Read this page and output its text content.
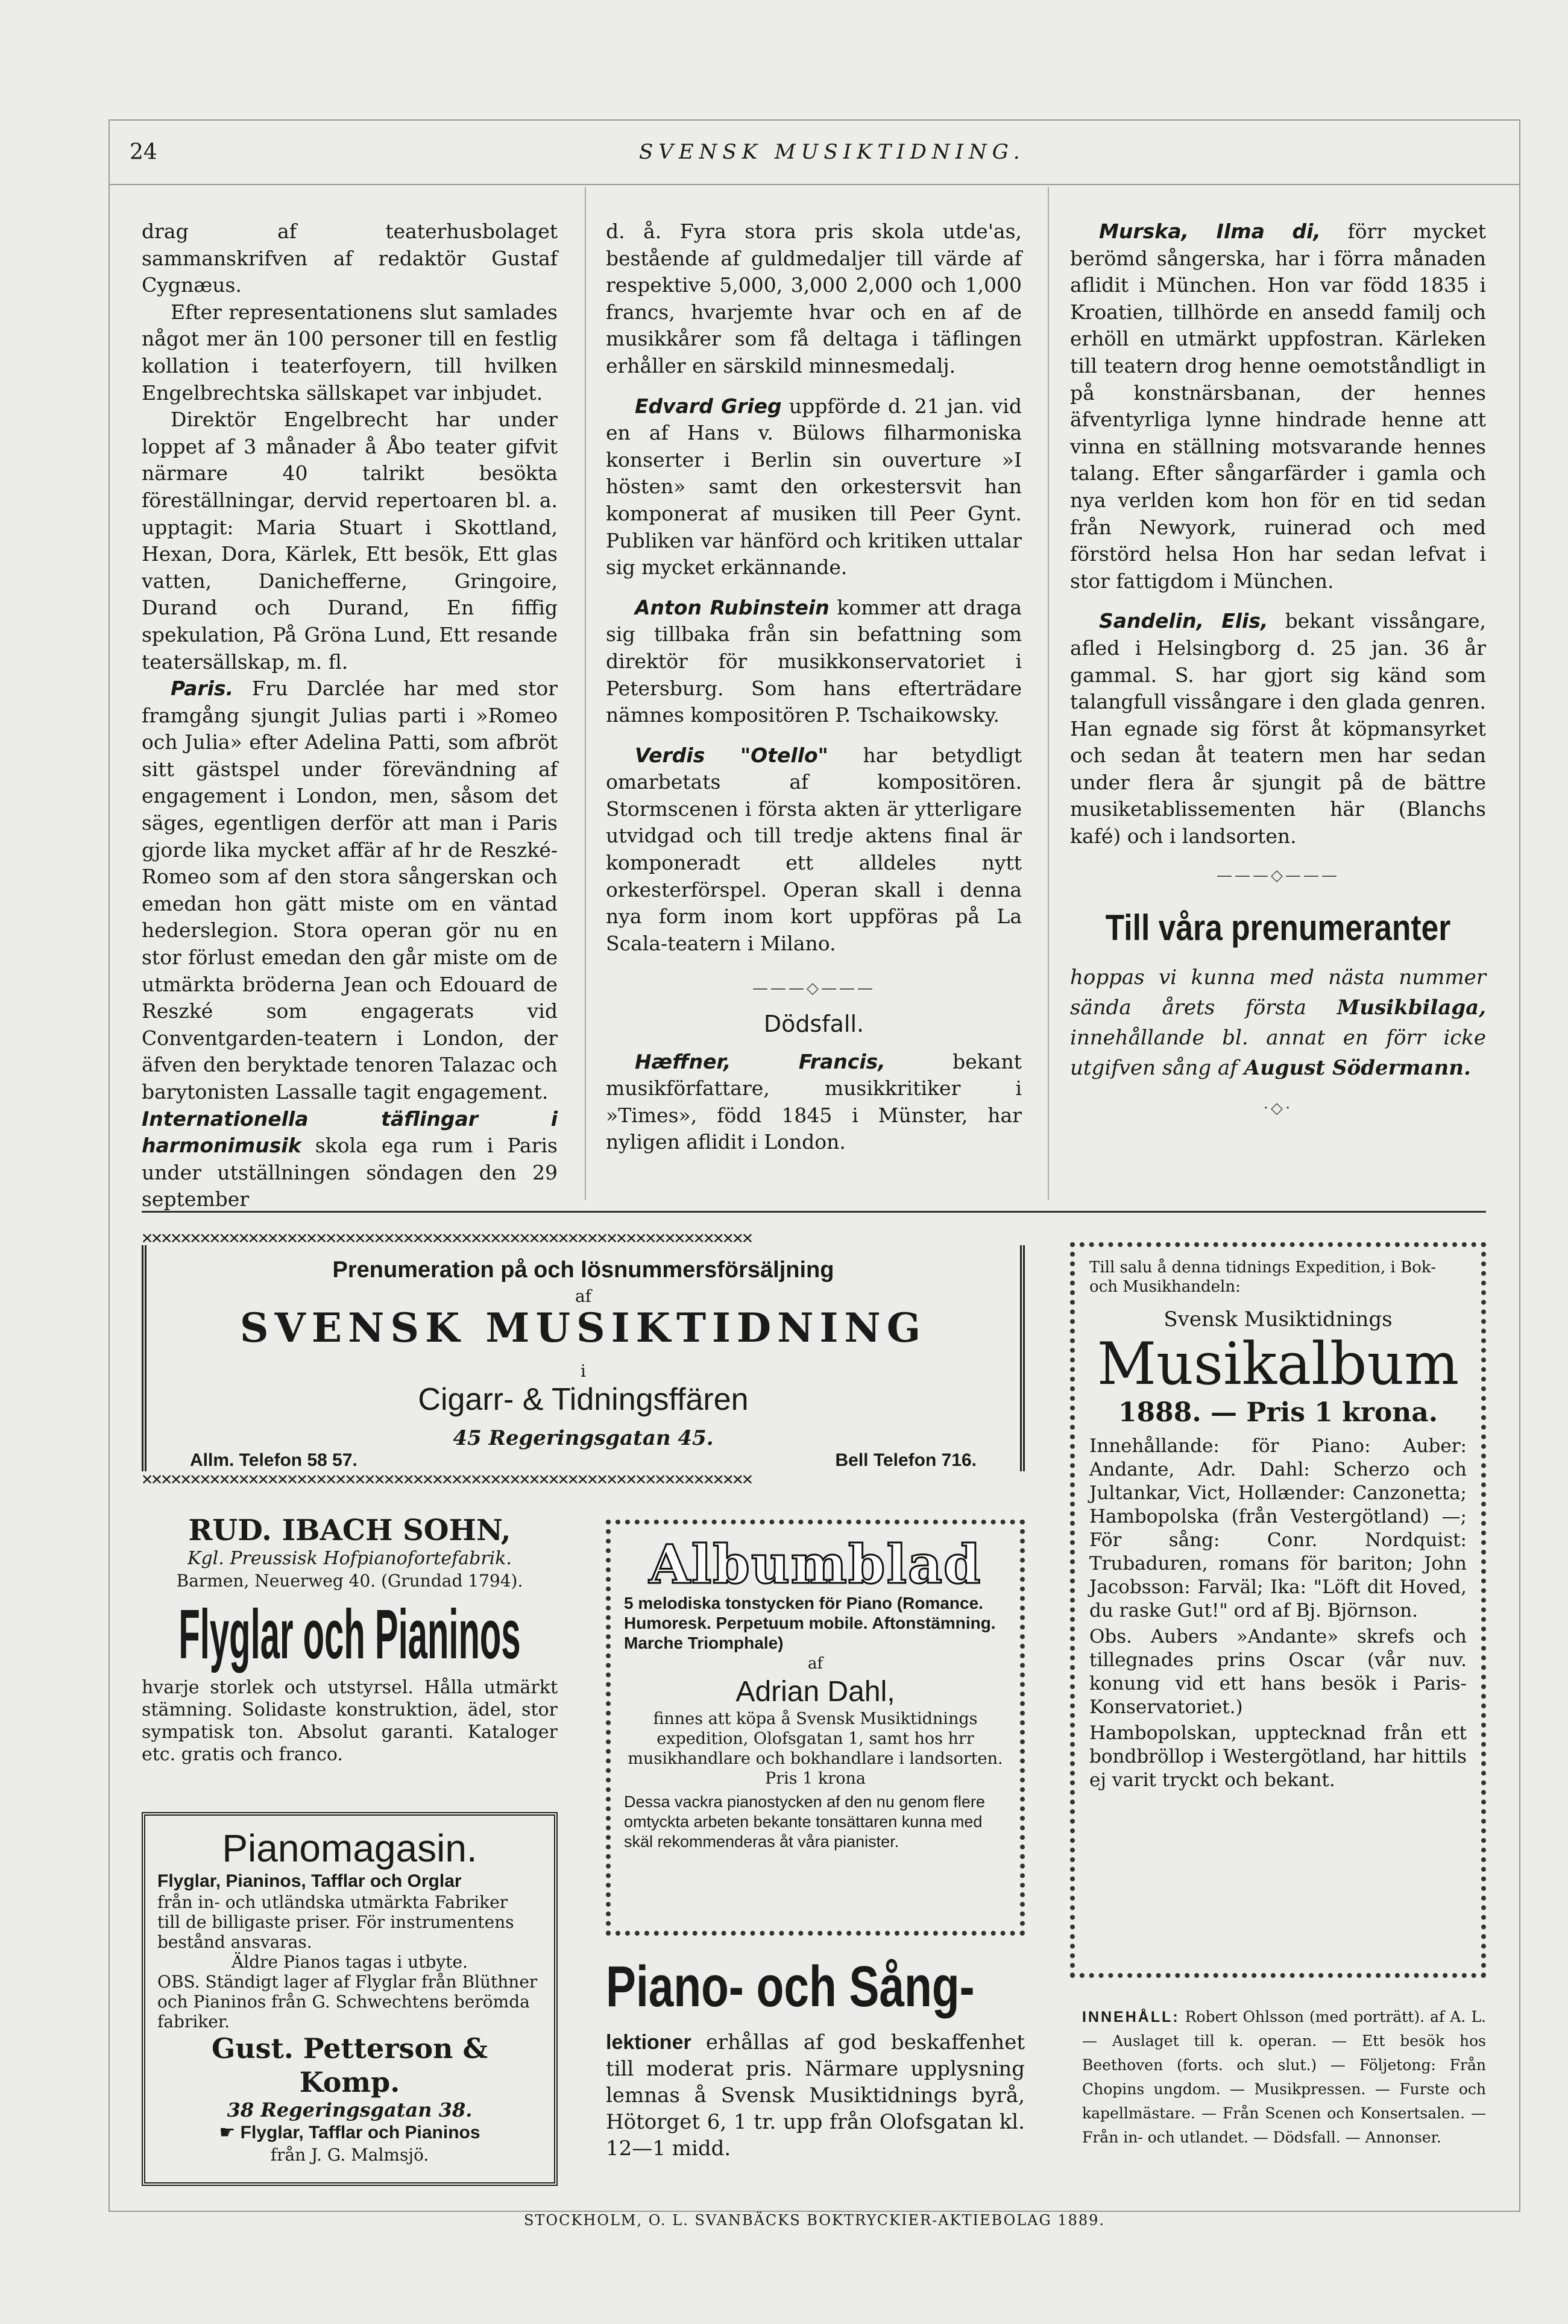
24	SVENSK MUSIKTIDNING.

drag af teaterhusbolaget sammanskrifven af redaktör Gustaf Cygnæus.

Efter representationens slut samlades något mer än 100 personer till en festlig kollation i teaterfoyern, till hvilken Engelbrechtska sällskapet var inbjudet.

Direktör Engelbrecht har under loppet af 3 månader å Åbo teater gifvit närmare 40 talrikt besökta föreställningar, dervid repertoaren bl. a. upptagit: Maria Stuart i Skottland, Hexan, Dora, Kärlek, Ett besök, Ett glas vatten, Danichefferne, Gringoire, Durand och Durand, En fiffig spekulation, På Gröna Lund, Ett resande teatersällskap, m. fl.

Paris. Fru Darclée har med stor framgång sjungit Julias parti i »Romeo och Julia» efter Adelina Patti, som afbröt sitt gästspel under förevändning af engagement i London, men, såsom det säges, egentligen derför att man i Paris gjorde lika mycket affär af hr de Reszké-Romeo som af den stora sångerskan och emedan hon gätt miste om en väntad hederslegion. Stora operan gör nu en stor förlust emedan den går miste om de utmärkta bröderna Jean och Edouard de Reszké som engagerats vid Conventgarden-teatern i London, der äfven den beryktade tenoren Talazac och barytonisten Lassalle tagit engagement.

Internationella täflingar i harmonimusik skola ega rum i Paris under utställningen söndagen den 29 september

d. å. Fyra stora pris skola utde'as, bestående af guldmedaljer till värde af respektive 5,000, 3,000 2,000 och 1,000 francs, hvarjemte hvar och en af de musikkårer som få deltaga i täflingen erhåller en särskild minnesmedalj.

Edvard Grieg uppförde d. 21 jan. vid en af Hans v. Bülows filharmoniska konserter i Berlin sin ouverture »I hösten» samt den orkestersvit han komponerat af musiken till Peer Gynt. Publiken var hänförd och kritiken uttalar sig mycket erkännande.

Anton Rubinstein kommer att draga sig tillbaka från sin befattning som direktör för musikkonservatoriet i Petersburg. Som hans efterträdare nämnes kompositören P. Tschaikowsky.

Verdis "Otello" har betydligt omarbetats af kompositören. Stormscenen i första akten är ytterligare utvidgad och till tredje aktens final är komponeradt ett alldeles nytt orkesterförspel. Operan skall i denna nya form inom kort uppföras på La Scala-teatern i Milano.

———◇———
Dödsfall.

Hæffner, Francis,	bekant musikförfattare, musikkritiker i »Times», född 1845 i Münster, har nyligen aflidit i London.

Murska, Ilma di, förr mycket berömd sångerska, har i förra månaden aflidit i München. Hon var född 1835 i Kroatien, tillhörde en ansedd familj och erhöll en utmärkt uppfostran. Kärleken till teatern drog henne oemotståndligt in på konstnärsbanan, der hennes äfventyrliga lynne hindrade henne att vinna en ställning motsvarande hennes talang. Efter sångarfärder i gamla och nya verlden kom hon för en tid sedan från Newyork, ruinerad och med förstörd helsa Hon har sedan lefvat i stor fattigdom i München.

Sandelin, Elis, bekant vissångare, afled i Helsingborg d. 25 jan. 36 år gammal. S. har gjort sig känd som talangfull vissångare i den glada genren. Han egnade sig först åt köpmansyrket och sedan åt teatern men har sedan under flera år sjungit på de bättre musiketablissementen här (Blanchs kafé) och i landsorten.

———◇———
Till våra prenumeranter

hoppas vi kunna med nästa nummer sända årets första Musikbilaga, innehållande bl. annat en förr icke utgifven sång af August Södermann.

·◇·
✕✕✕✕✕✕✕✕✕✕✕✕✕✕✕✕✕✕✕✕✕✕✕✕✕✕✕✕✕✕✕✕✕✕✕✕✕✕✕✕✕✕✕✕✕✕✕✕✕✕✕✕✕✕✕✕✕✕✕✕✕✕✕
✕✕✕✕✕✕✕✕✕✕✕✕✕✕✕✕✕✕✕✕✕✕✕✕✕✕✕✕✕✕✕✕✕✕✕✕✕✕✕✕✕✕✕✕✕✕✕✕✕✕✕✕✕✕✕✕✕✕✕✕✕✕✕
Prenumeration på och lösnummersförsäljning
af
SVENSK MUSIKTIDNING
i
Cigarr- & Tidningsffären
45 Regeringsgatan 45.
Allm. Telefon 58 57.	Bell Telefon 716.
RUD. IBACH SOHN,
Kgl. Preussisk Hofpianofortefabrik.
Barmen, Neuerweg 40. (Grundad 1794).
Flyglar och Pianinos
hvarje storlek och utstyrsel. Hålla utmärkt stämning. Solidaste konstruktion, ädel, stor sympatisk ton. Absolut garanti. Kataloger etc. gratis och franco.
Pianomagasin.
Flyglar, Pianinos, Tafflar och Orglar
från in- och utländska utmärkta Fabriker
till de billigaste priser. För instrumentens bestånd ansvaras.
Äldre Pianos tagas i utbyte.
OBS. Ständigt lager af Flyglar från Blüthner och Pianinos från G. Schwechtens berömda fabriker.
Gust. Petterson & Komp.
38 Regeringsgatan 38.
☛ Flyglar, Tafflar och Pianinos
från J. G. Malmsjö.
Albumblad
5 melodiska tonstycken för Piano (Romance. Humoresk. Perpetuum mobile. Aftonstämning. Marche Triomphale)
af
Adrian Dahl,
finnes att köpa å Svensk Musiktidnings expedition, Olofsgatan 1, samt hos hrr musikhandlare och bokhandlare i landsorten. Pris 1 krona
Dessa vackra pianostycken af den nu genom flere omtyckta arbeten bekante tonsättaren kunna med skäl rekommenderas åt våra pianister.
Piano- och Sång-
lektioner erhållas af god beskaffenhet till moderat pris. Närmare upplysning lemnas å Svensk Musiktidnings byrå, Hötorget 6, 1 tr. upp från Olofsgatan kl. 12—1 midd.
Till salu å denna tidnings Expedition, i Bok- och Musikhandeln:
Svensk Musiktidnings
Musikalbum
1888. — Pris 1 krona.
Innehållande: för Piano: Auber: Andante, Adr. Dahl: Scherzo och Jultankar, Vict, Hollænder: Canzonetta; Hambopolska (från Vestergötland) —; För sång: Conr. Nordquist: Trubaduren, romans för bariton; John Jacobsson: Farväl; Ika: "Löft dit Hoved, du raske Gut!" ord af Bj. Björnson.
Obs. Aubers »Andante» skrefs och tillegnades prins Oscar (vår nuv. konung vid ett hans besök i Paris-Konservatoriet.)
Hambopolskan, upptecknad från ett bondbröllop i Westergötland, har hittils ej varit tryckt och bekant.
INNEHÅLL: Robert Ohlsson (med porträtt). af A. L. — Auslaget till k. operan. — Ett besök hos Beethoven (forts. och slut.) — Följetong: Från Chopins ungdom. — Musikpressen. — Furste och kapellmästare. — Från Scenen och Konsertsalen. — Från in- och utlandet. — Dödsfall. — Annonser.
STOCKHOLM, O. L. SVANBÄCKS BOKTRYCKIER-AKTIEBOLAG 1889.
